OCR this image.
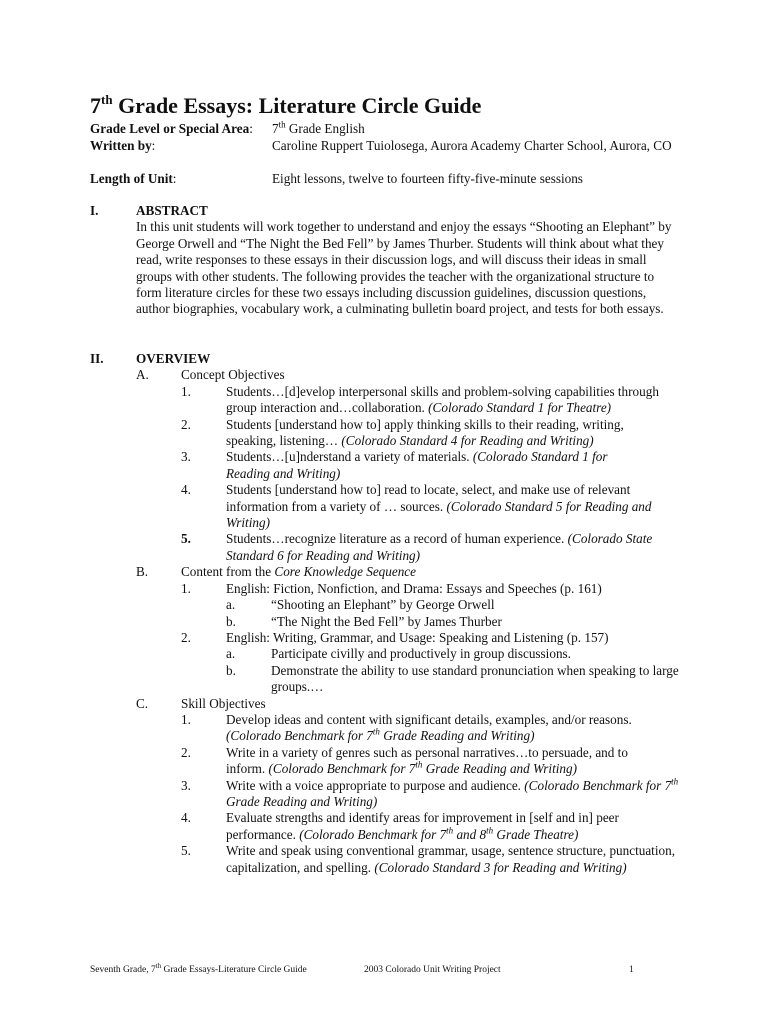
7th Grade Essays: Literature Circle Guide
Grade Level or Special Area: 7th Grade English
Written by:	Caroline Ruppert Tuiolosega, Aurora Academy Charter School, Aurora, CO
Length of Unit:	Eight lessons, twelve to fourteen fifty-five-minute sessions
I.	ABSTRACT
In this unit students will work together to understand and enjoy the essays “Shooting an Elephant” by George Orwell and “The Night the Bed Fell” by James Thurber. Students will think about what they read, write responses to these essays in their discussion logs, and will discuss their ideas in small groups with other students. The following provides the teacher with the organizational structure to form literature circles for these two essays including discussion guidelines, discussion questions, author biographies, vocabulary work, a culminating bulletin board project, and tests for both essays.
II.	OVERVIEW
A.	Concept Objectives
1.	Students…[d]evelop interpersonal skills and problem-solving capabilities through group interaction and…collaboration. (Colorado Standard 1 for Theatre)
2.	Students [understand how to] apply thinking skills to their reading, writing, speaking, listening… (Colorado Standard 4 for Reading and Writing)
3.	Students…[u]nderstand a variety of materials. (Colorado Standard 1 for Reading and Writing)
4.	Students [understand how to] read to locate, select, and make use of relevant information from a variety of … sources. (Colorado Standard 5 for Reading and Writing)
5.	Students…recognize literature as a record of human experience. (Colorado State Standard 6 for Reading and Writing)
B.	Content from the Core Knowledge Sequence
1.	English: Fiction, Nonfiction, and Drama: Essays and Speeches (p. 161)
a.	“Shooting an Elephant” by George Orwell
b.	“The Night the Bed Fell” by James Thurber
2.	English: Writing, Grammar, and Usage: Speaking and Listening (p. 157)
a.	Participate civilly and productively in group discussions.
b.	Demonstrate the ability to use standard pronunciation when speaking to large groups.…
C.	Skill Objectives
1.	Develop ideas and content with significant details, examples, and/or reasons.
(Colorado Benchmark for 7th Grade Reading and Writing)
2.	Write in a variety of genres such as personal narratives…to persuade, and to inform. (Colorado Benchmark for 7th Grade Reading and Writing)
3.	Write with a voice appropriate to purpose and audience. (Colorado Benchmark for 7th Grade Reading and Writing)
4.	Evaluate strengths and identify areas for improvement in [self and in] peer performance. (Colorado Benchmark for 7th and 8th Grade Theatre)
5.	Write and speak using conventional grammar, usage, sentence structure, punctuation, capitalization, and spelling. (Colorado Standard 3 for Reading and Writing)
Seventh Grade, 7th Grade Essays-Literature Circle Guide	2003 Colorado Unit Writing Project	1
